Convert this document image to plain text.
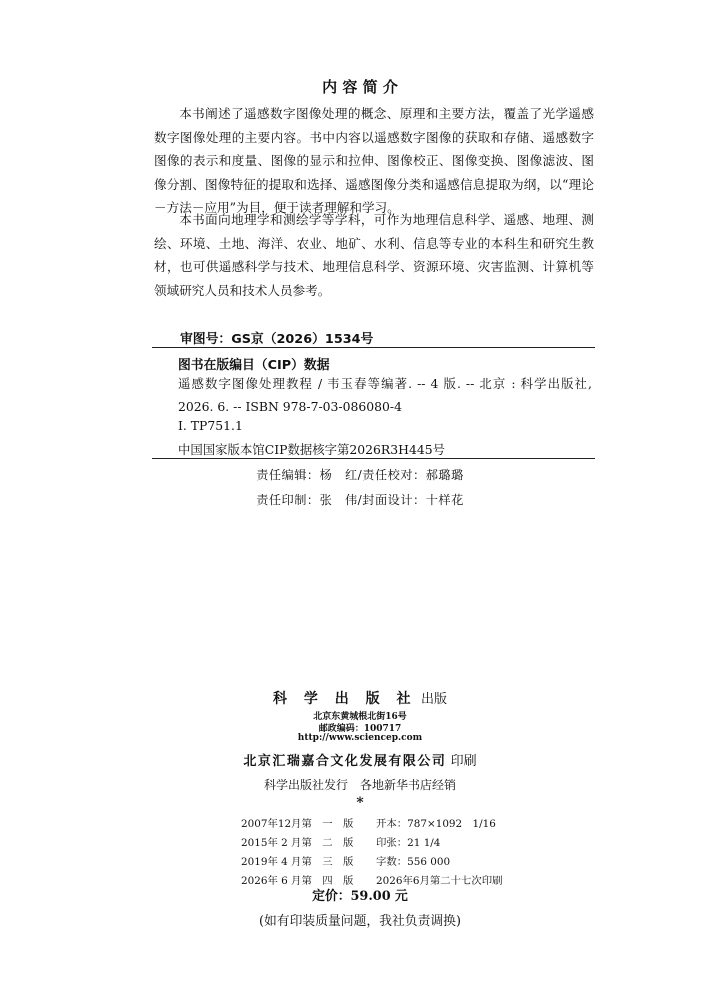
内 容 简 介

本书阐述了遥感数字图像处理的概念、原理和主要方法，覆盖了光学遥感数字图像处理的主要内容。书中内容以遥感数字图像的获取和存储、遥感数字图像的表示和度量、图像的显示和拉伸、图像校正、图像变换、图像滤波、图像分割、图像特征的提取和选择、遥感图像分类和遥感信息提取为纲，以“理论－方法－应用”为目，便于读者理解和学习。

本书面向地理学和测绘学等学科，可作为地理信息科学、遥感、地理、测绘、环境、土地、海洋、农业、地矿、水利、信息等专业的本科生和研究生教材，也可供遥感科学与技术、地理信息科学、资源环境、灾害监测、计算机等领域研究人员和技术人员参考。

审图号：GS京（2026）1534号
图书在版编目（CIP）数据
遥感数字图像处理教程 / 韦玉春等编著. -- 4 版. -- 北京 : 科学出版社, 2026. 6. -- ISBN 978-7-03-086080-4
Ⅰ. TP751.1
中国国家版本馆CIP数据核字第2026R3H445号
责任编辑：杨　红/责任校对：郝璐璐
责任印制：张　伟/封面设计：十样花
科 学 出 版 社 出版
北京东黄城根北街16号
邮政编码：100717
http://www.sciencep.com
北京汇瑞嘉合文化发展有限公司 印刷
科学出版社发行　各地新华书店经销
*
2007年12月第　一　版	开本：787×1092　1/16
2015年 2 月第　二　版	印张：21 1/4
2019年 4 月第　三　版	字数：556 000
2026年 6 月第　四　版	2026年6月第二十七次印刷
定价：59.00 元
(如有印装质量问题，我社负责调换)
